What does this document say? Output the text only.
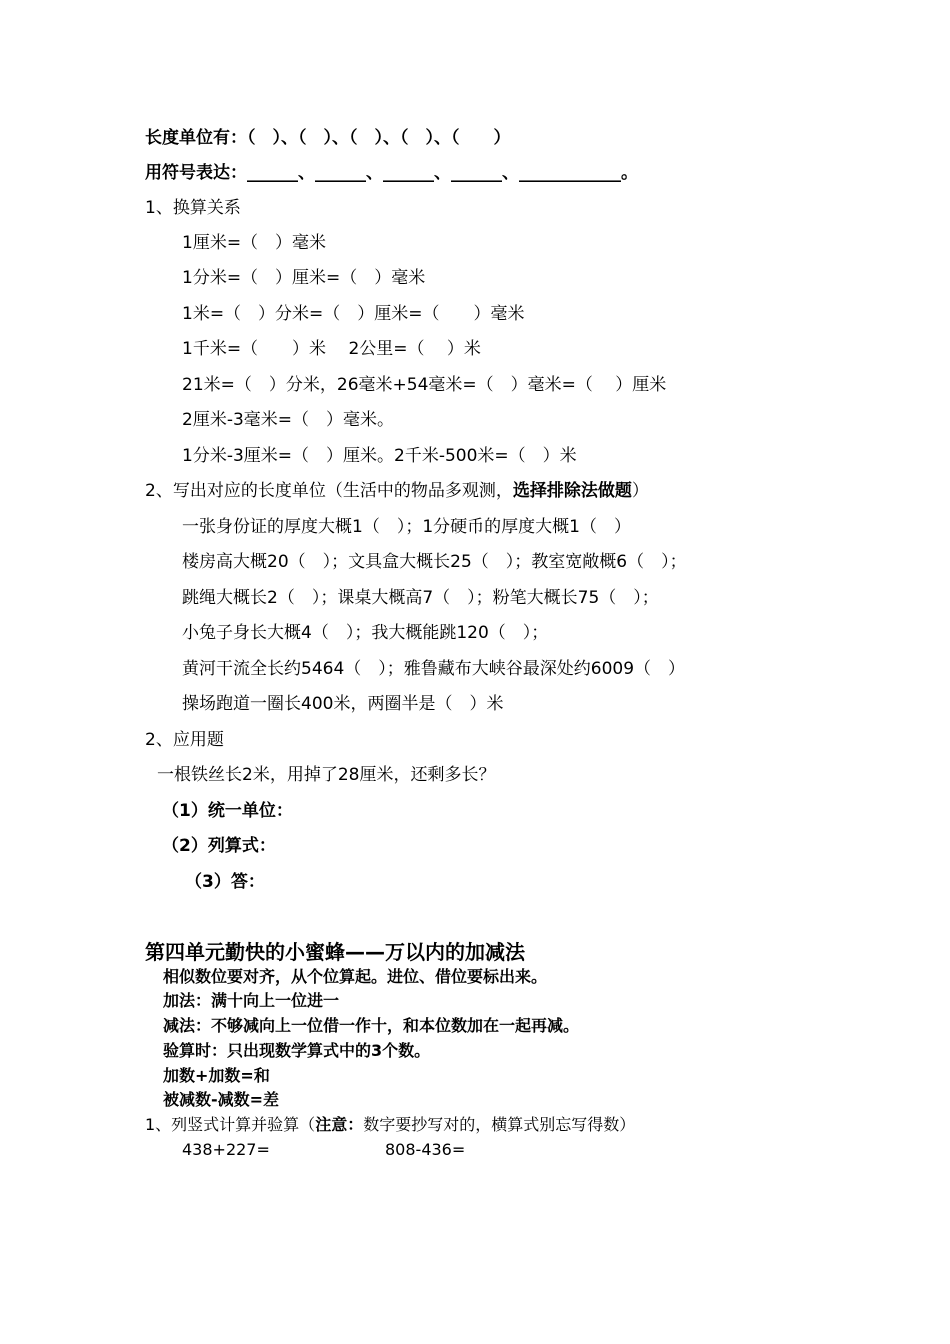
长度单位有：（　）、（　）、（　）、（　）、（　　）
用符号表达：______、______、______、______、____________。
1、换算关系
1厘米=（　）毫米
1分米=（　）厘米=（　）毫米
1米=（　）分米=（　）厘米=（　　）毫米
1千米=（　　）米　 2公里=（　 ）米
21米=（　）分米，26毫米+54毫米=（　）毫米=（　 ）厘米
2厘米-3毫米=（　）毫米。
1分米-3厘米=（　）厘米。2千米-500米=（　）米
2、写出对应的长度单位（生活中的物品多观测，选择排除法做题）
一张身份证的厚度大概1（　）；1分硬币的厚度大概1（　）
楼房高大概20（　）；文具盒大概长25（　）；教室宽敞概6（　）；
跳绳大概长2（　）；课桌大概高7（　）；粉笔大概长75（　）；
小兔子身长大概4（　）；我大概能跳120（　）；
黄河干流全长约5464（　）；雅鲁藏布大峡谷最深处约6009（　）
操场跑道一圈长400米，两圈半是（　）米
2、应用题
一根铁丝长2米，用掉了28厘米，还剩多长？
（1）统一单位：
（2）列算式：
（3）答：
第四单元勤快的小蜜蜂——万以内的加减法
相似数位要对齐，从个位算起。进位、借位要标出来。
加法：满十向上一位进一
减法：不够减向上一位借一作十，和本位数加在一起再减。
验算时：只出现数学算式中的3个数。
加数+加数=和
被减数-减数=差
1、列竖式计算并验算（注意：数字要抄写对的，横算式别忘写得数）
438+227=	808-436=
